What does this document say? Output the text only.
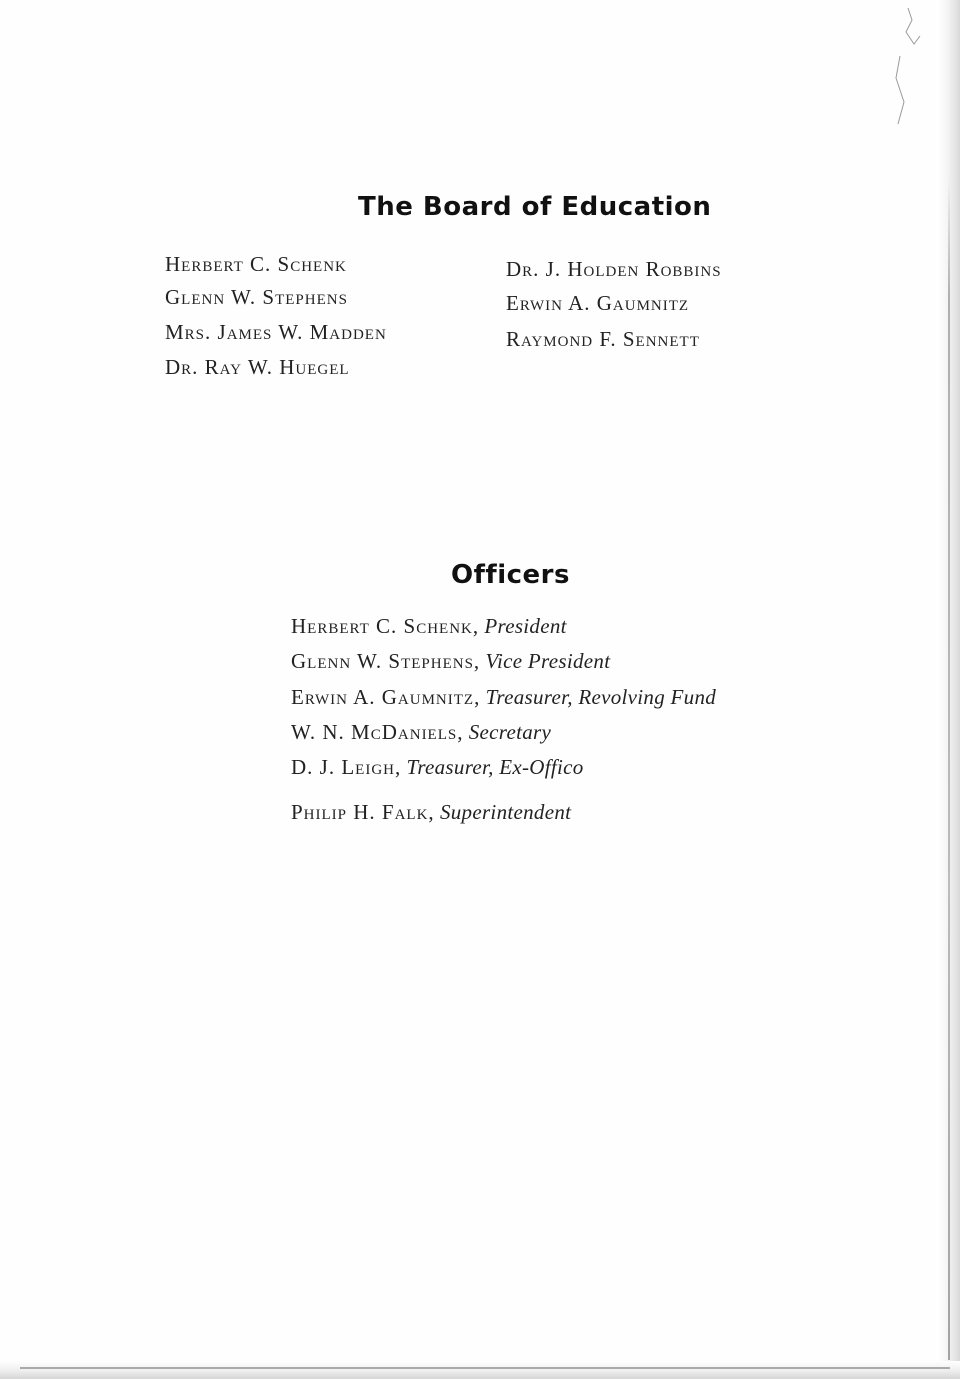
The Board of Education
Herbert C. Schenk
Glenn W. Stephens
Mrs. James W. Madden
Dr. Ray W. Huegel
Dr. J. Holden Robbins
Erwin A. Gaumnitz
Raymond F. Sennett
Officers
Herbert C. Schenk, President
Glenn W. Stephens, Vice President
Erwin A. Gaumnitz, Treasurer, Revolving Fund
W. N. McDaniels, Secretary
D. J. Leigh, Treasurer, Ex-Offico
Philip H. Falk, Superintendent
